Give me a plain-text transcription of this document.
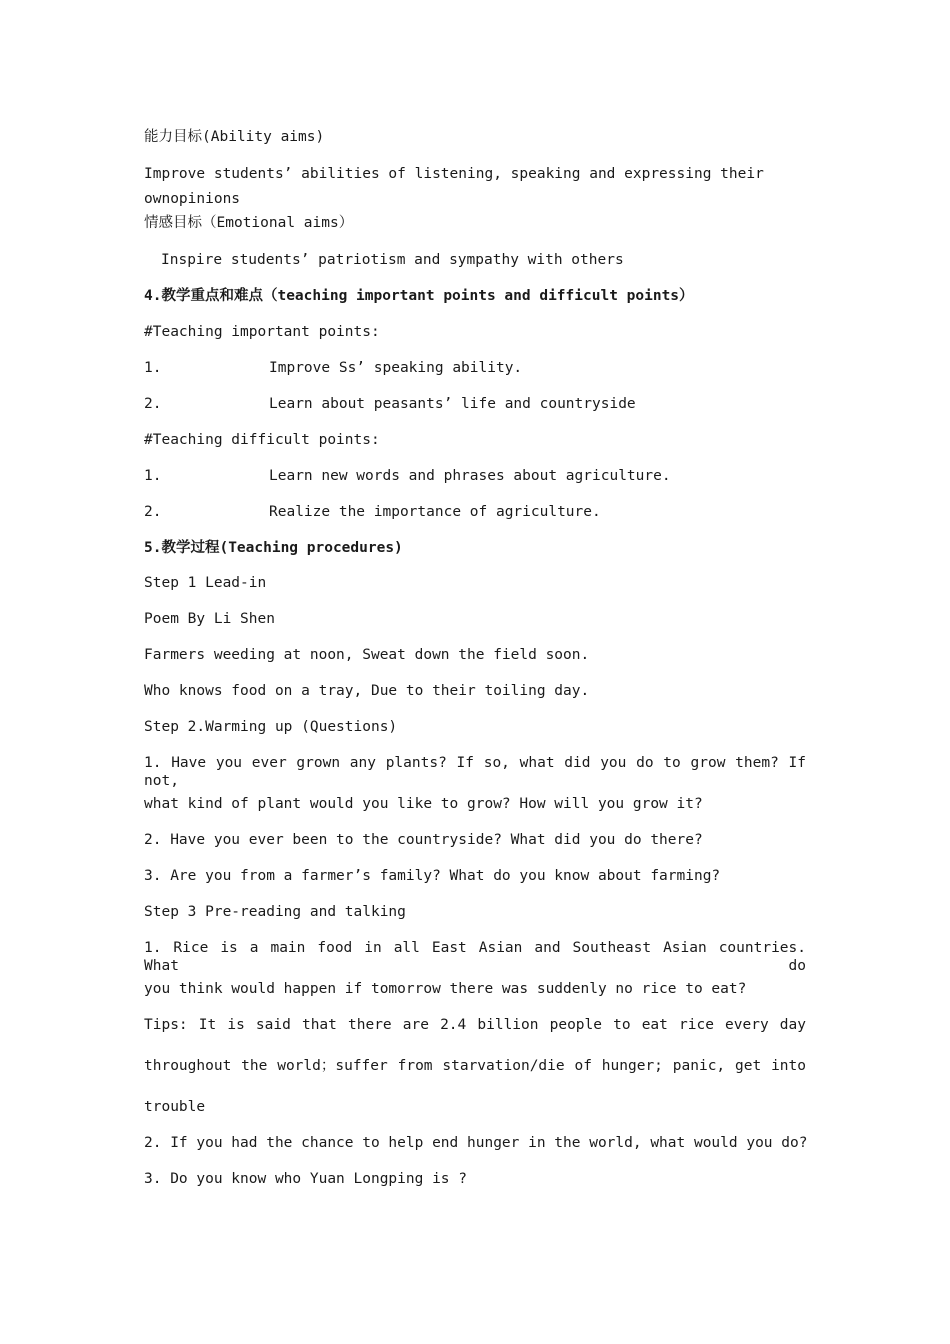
能力目标(Ability aims)
Improve students’ abilities of listening, speaking and expressing their
ownopinions
情感目标（Emotional aims）
Inspire students’ patriotism and sympathy with others
4.教学重点和难点（teaching important points and difficult points）
#Teaching important points:
1.	Improve Ss’ speaking ability.
2.	Learn about peasants’ life and countryside
#Teaching difficult points:
1.	Learn new words and phrases about agriculture.
2.	Realize the importance of agriculture.
5.教学过程(Teaching procedures)
Step 1 Lead-in
Poem By Li Shen
Farmers weeding at noon, Sweat down the field soon.
Who knows food on a tray, Due to their toiling day.
Step 2.Warming up (Questions)
1. Have you ever grown any plants? If so, what did you do to grow them? If not,
what kind of plant would you like to grow? How will you grow it?
2. Have you ever been to the countryside? What did you do there?
3. Are you from a farmer’s family? What do you know about farming?
Step 3 Pre-reading and talking
1. Rice is a main food in all East Asian and Southeast Asian countries. What do
you think would happen if tomorrow there was suddenly no rice to eat?
Tips: It is said that there are 2.4 billion people to eat rice every day
throughout the world；suffer from starvation/die of hunger; panic, get into
trouble
2. If you had the chance to help end hunger in the world, what would you do?
3. Do you know who Yuan Longping is ?
